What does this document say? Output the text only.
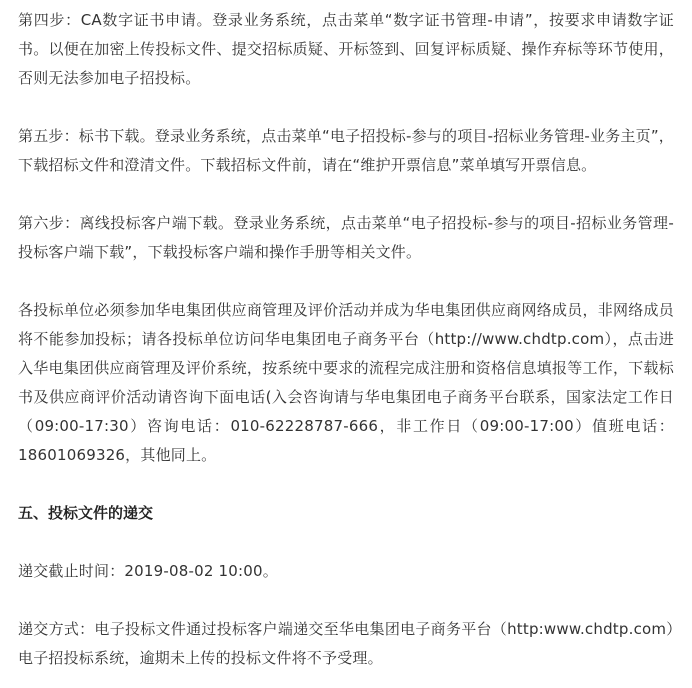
第四步：CA数字证书申请。登录业务系统，点击菜单“数字证书管理-申请”，按要求申请数字证书。以便在加密上传投标文件、提交招标质疑、开标签到、回复评标质疑、操作弃标等环节使用，否则无法参加电子招投标。

第五步：标书下载。登录业务系统，点击菜单“电子招投标-参与的项目-招标业务管理-业务主页”，下载招标文件和澄清文件。下载招标文件前，请在“维护开票信息”菜单填写开票信息。

第六步：离线投标客户端下载。登录业务系统，点击菜单“电子招投标-参与的项目-招标业务管理-投标客户端下载”，下载投标客户端和操作手册等相关文件。

各投标单位必须参加华电集团供应商管理及评价活动并成为华电集团供应商网络成员，非网络成员将不能参加投标；请各投标单位访问华电集团电子商务平台（http://www.chdtp.com），点击进入华电集团供应商管理及评价系统，按系统中要求的流程完成注册和资格信息填报等工作，下载标书及供应商评价活动请咨询下面电话(入会咨询请与华电集团电子商务平台联系，国家法定工作日（09:00-17:30）咨询电话：010-62228787-666，非工作日（09:00-17:00）值班电话：18601069326，其他同上。

五、投标文件的递交

递交截止时间：2019-08-02 10:00。

递交方式：电子投标文件通过投标客户端递交至华电集团电子商务平台（http:www.chdtp.com）电子招投标系统，逾期未上传的投标文件将不予受理。
